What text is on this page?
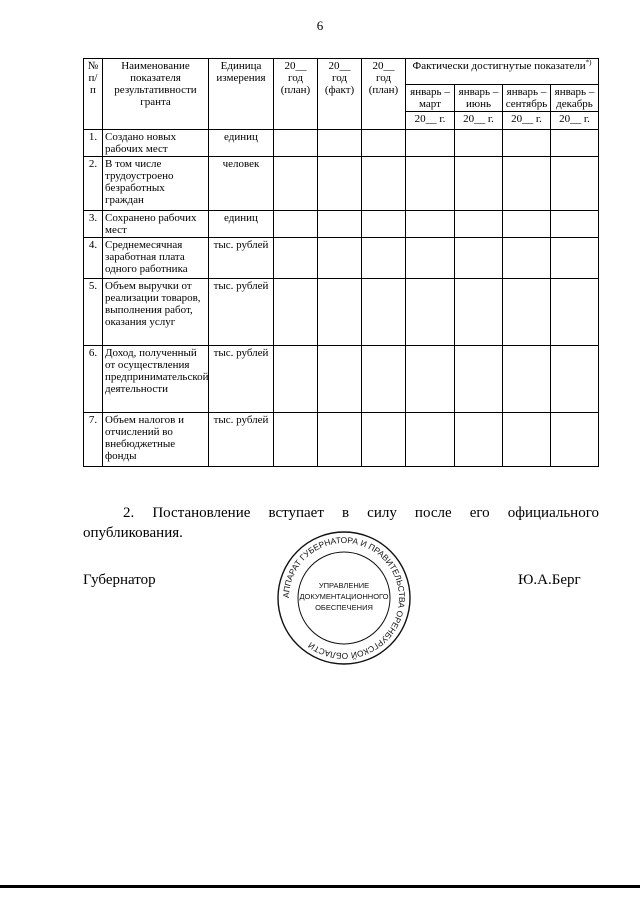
6
№ п/п	Наименование показателя результативности гранта	Единица измерения	20__ год (план)	20__ год (факт)	20__ год (план)	Фактически достигнутые показатели*)
						январь – март	январь – июнь	январь – сентябрь	январь – декабрь
						20__ г.	20__ г.	20__ г.	20__ г.
1.	Создано новых рабочих мест	единиц							
2.	В том числе трудоустроено безработных граждан	человек							
3.	Сохранено рабочих мест	единиц							
4.	Среднемесячная заработная плата одного работника	тыс. рублей							
5.	Объем выручки от реализации товаров, выполнения работ, оказания услуг	тыс. рублей							
6.	Доход, полученный от осуществления предпринимательской деятельности	тыс. рублей							
7.	Объем налогов и отчислений во внебюджетные фонды	тыс. рублей							

2. Постановление вступает в силу после его официального опубликования.

Губернатор
АППАРАТ ГУБЕРНАТОРА И ПРАВИТЕЛЬСТВА ОРЕНБУРГСКОЙ ОБЛАСТИ
УПРАВЛЕНИЕ
ДОКУМЕНТАЦИОННОГО
ОБЕСПЕЧЕНИЯ
Ю.А.Берг
